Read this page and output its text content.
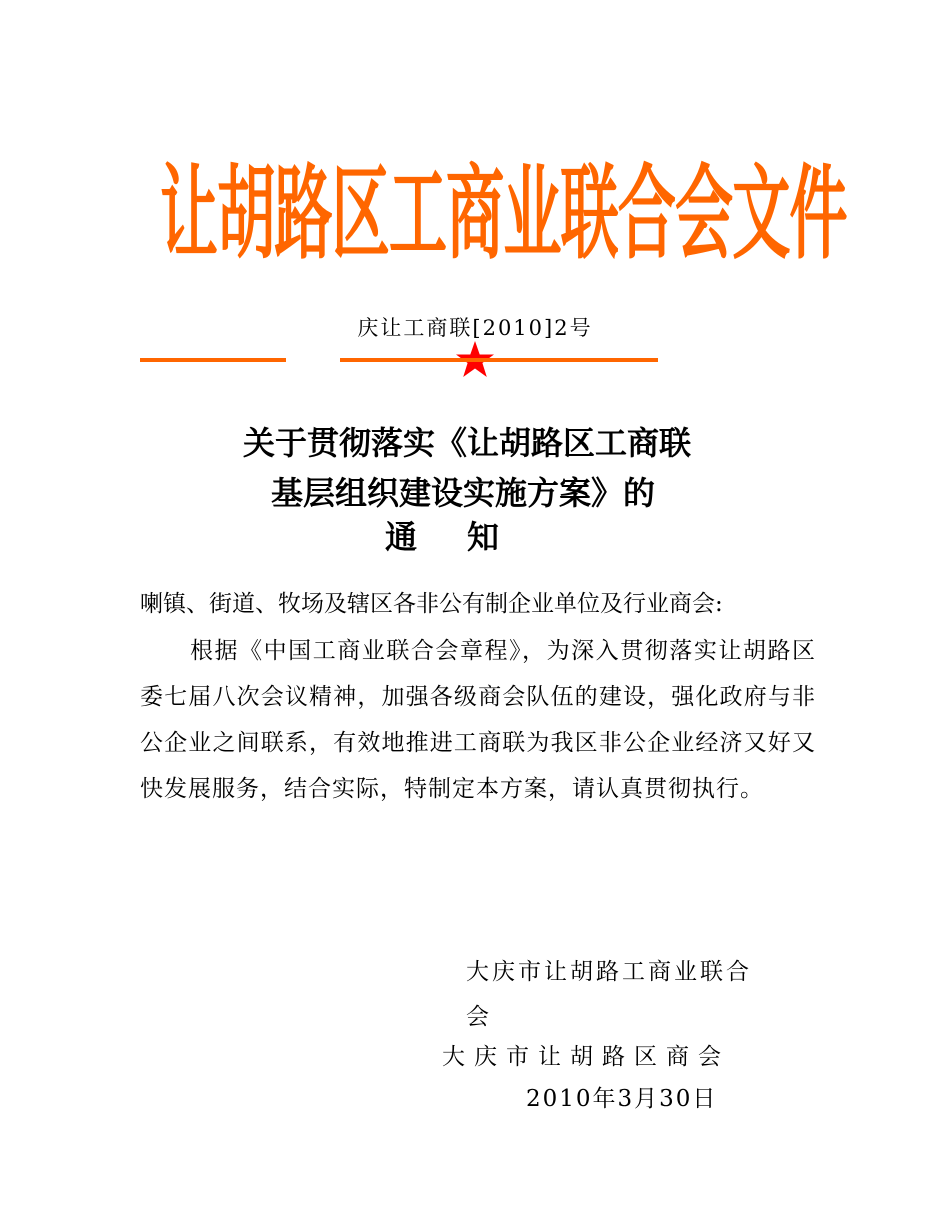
让胡路区工商业联合会文件
庆让工商联[2010]2号
关于贯彻落实《让胡路区工商联
基层组织建设实施方案》的
通知
喇镇、街道、牧场及辖区各非公有制企业单位及行业商会:
根据《中国工商业联合会章程》，为深入贯彻落实让胡路区委七届八次会议精神，加强各级商会队伍的建设，强化政府与非公企业之间联系，有效地推进工商联为我区非公企业经济又好又快发展服务，结合实际，特制定本方案，请认真贯彻执行。
大庆市让胡路工商业联合会
大庆市让胡路区商会
2010年3月30日
